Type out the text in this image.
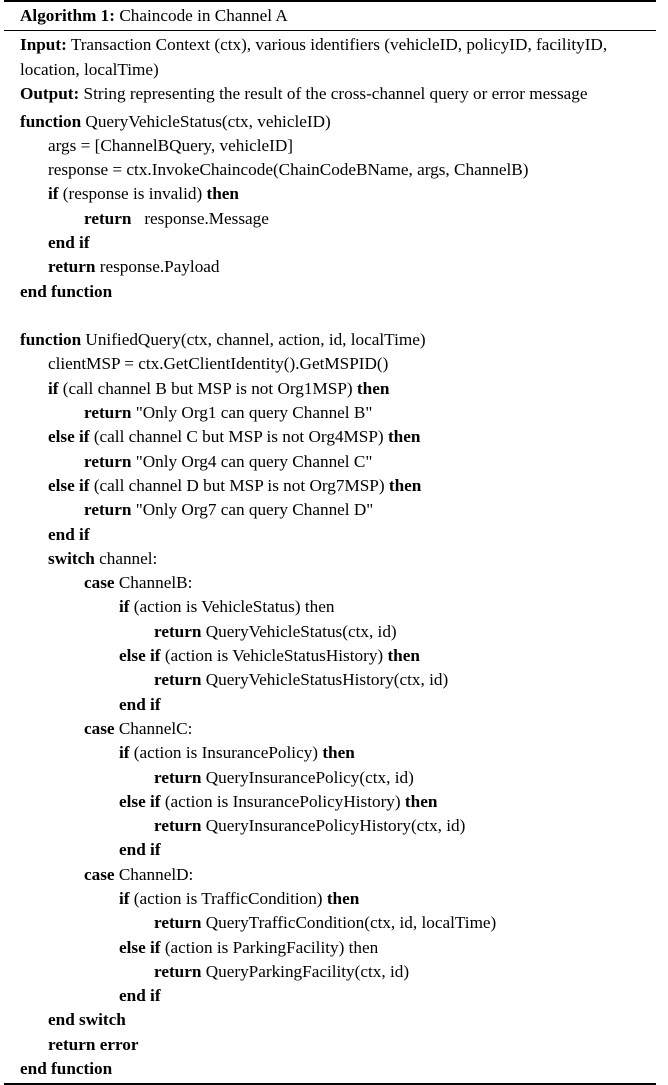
Algorithm 1: Chaincode in Channel A
Input: Transaction Context (ctx), various identifiers (vehicleID, policyID, facilityID, location, localTime)
Output: String representing the result of the cross-channel query or error message
function QueryVehicleStatus(ctx, vehicleID)
args = [ChannelBQuery, vehicleID]
response = ctx.InvokeChaincode(ChainCodeBName, args, ChannelB)
if (response is invalid) then
return   response.Message
end if
return response.Payload
end function
function UnifiedQuery(ctx, channel, action, id, localTime)
clientMSP = ctx.GetClientIdentity().GetMSPID()
if (call channel B but MSP is not Org1MSP) then
return "Only Org1 can query Channel B"
else if (call channel C but MSP is not Org4MSP) then
return "Only Org4 can query Channel C"
else if (call channel D but MSP is not Org7MSP) then
return "Only Org7 can query Channel D"
end if
switch channel:
case ChannelB:
if (action is VehicleStatus) then
return QueryVehicleStatus(ctx, id)
else if (action is VehicleStatusHistory) then
return QueryVehicleStatusHistory(ctx, id)
end if
case ChannelC:
if (action is InsurancePolicy) then
return QueryInsurancePolicy(ctx, id)
else if (action is InsurancePolicyHistory) then
return QueryInsurancePolicyHistory(ctx, id)
end if
case ChannelD:
if (action is TrafficCondition) then
return QueryTrafficCondition(ctx, id, localTime)
else if (action is ParkingFacility) then
return QueryParkingFacility(ctx, id)
end if
end switch
return error
end function
